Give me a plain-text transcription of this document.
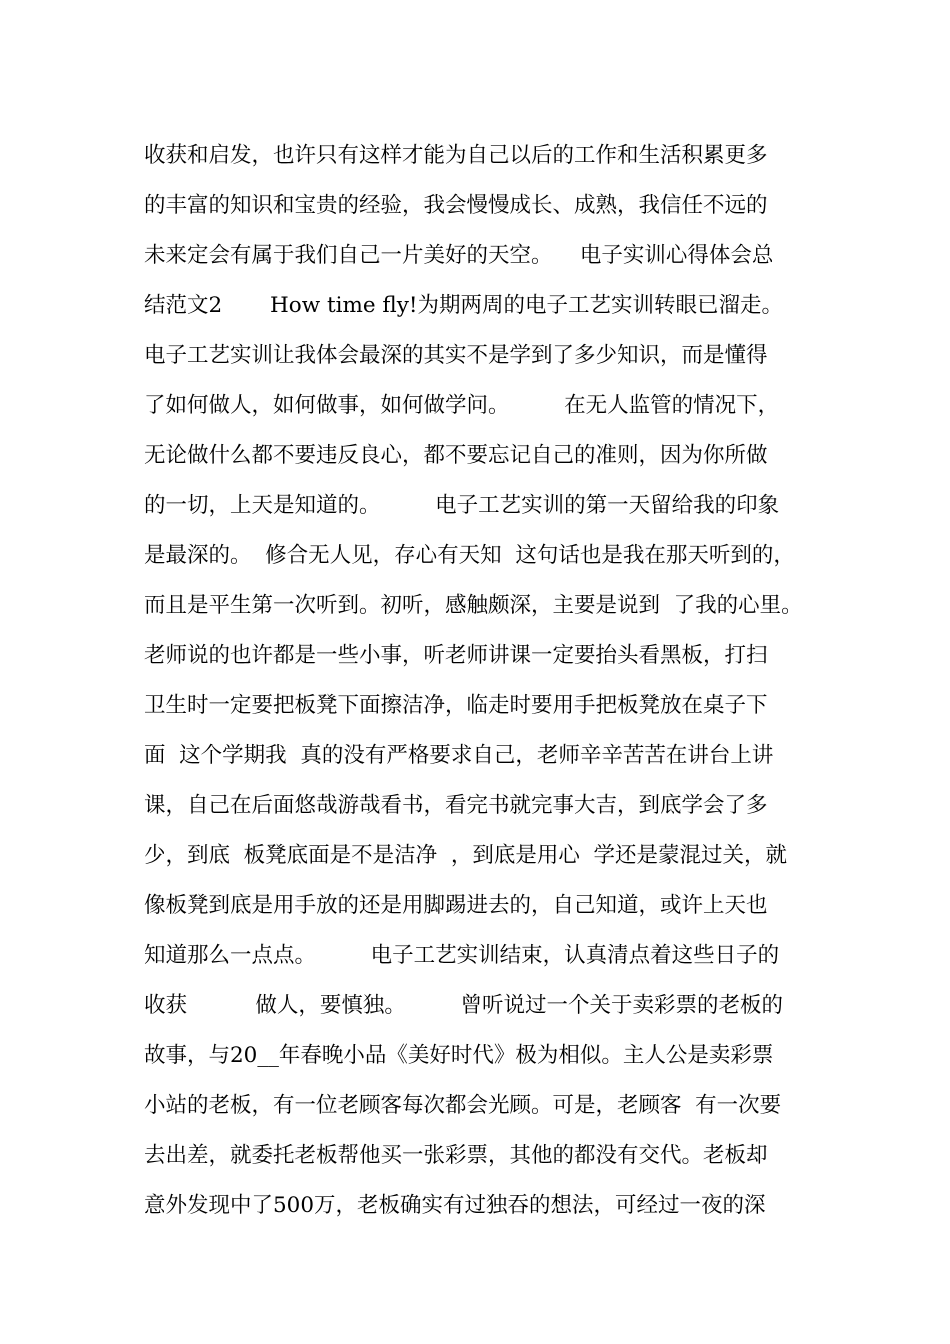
收获和启发，也许只有这样才能为自己以后的工作和生活积累更多
的丰富的知识和宝贵的经验，我会慢慢成长、成熟，我信任不远的
未来定会有属于我们自己一片美好的天空。    电子实训心得体会总
结范文2       How time fly!为期两周的电子工艺实训转眼已溜走。
电子工艺实训让我体会最深的其实不是学到了多少知识，而是懂得
了如何做人，如何做事，如何做学问。        在无人监管的情况下，
无论做什么都不要违反良心，都不要忘记自己的准则，因为你所做
的一切，上天是知道的。        电子工艺实训的第一天留给我的印象
是最深的。  修合无人见，存心有天知  这句话也是我在那天听到的，
而且是平生第一次听到。初听，感触颇深，主要是说到  了我的心里。
老师说的也许都是一些小事，听老师讲课一定要抬头看黑板，打扫
卫生时一定要把板凳下面擦洁净，临走时要用手把板凳放在桌子下
面  这个学期我  真的没有严格要求自己，老师辛辛苦苦在讲台上讲
课，自己在后面悠哉游哉看书，看完书就完事大吉，到底学会了多
少，到底  板凳底面是不是洁净  ，到底是用心  学还是蒙混过关，就
像板凳到底是用手放的还是用脚踢进去的，自己知道，或许上天也
知道那么一点点。        电子工艺实训结束，认真清点着这些日子的
收获          做人，要慎独。        曾听说过一个关于卖彩票的老板的
故事，与20__年春晚小品《美好时代》极为相似。主人公是卖彩票
小站的老板，有一位老顾客每次都会光顾。可是，老顾客  有一次要
去出差，就委托老板帮他买一张彩票，其他的都没有交代。老板却
意外发现中了500万，老板确实有过独吞的想法，可经过一夜的深
